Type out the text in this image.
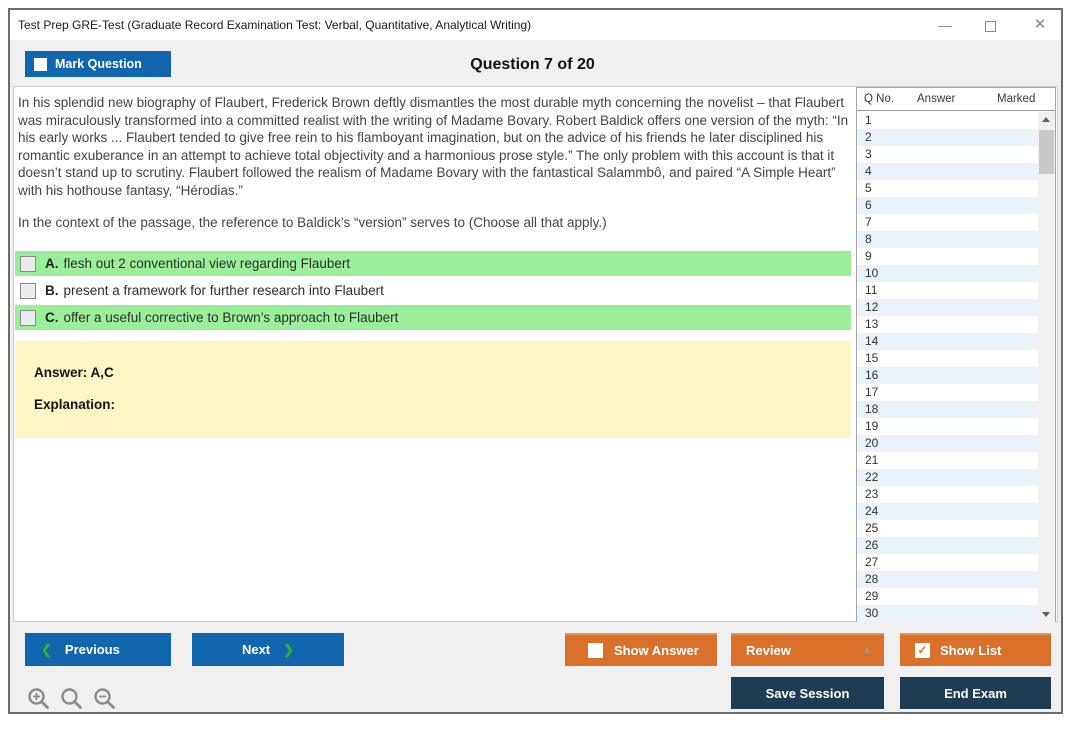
Test Prep GRE-Test (Graduate Record Examination Test: Verbal, Quantitative, Analytical Writing)	—	✕
Mark Question	Question 7 of 20
In his splendid new biography of Flaubert, Frederick Brown deftly dismantles the most durable myth concerning the novelist – that Flaubert was miraculously transformed into a committed realist with the writing of Madame Bovary. Robert Baldick offers one version of the myth: “In his early works ... Flaubert tended to give free rein to his flamboyant imagination, but on the advice of his friends he later disciplined his romantic exuberance in an attempt to achieve total objectivity and a harmonious prose style.” The only problem with this account is that it doesn’t stand up to scrutiny. Flaubert followed the realism of Madame Bovary with the fantastical Salammbô, and paired “A Simple Heart” with his hothouse fantasy, “Hérodias.”
In the context of the passage, the reference to Baldick’s “version” serves to (Choose all that apply.)
A. flesh out 2 conventional view regarding Flaubert
B. present a framework for further research into Flaubert
C. offer a useful corrective to Brown’s approach to Flaubert
Answer: A,C
Explanation:
Q No. Answer	Marked
1
2
3
4
5
6
7
8
9
10
11
12
13
14
15
16
17
18
19
20
21
22
23
24
25
26
27
28
29
30
❮ Previous	Next ❯	Show Answer	Review	▲	✓ Show List
Save Session	End Exam
